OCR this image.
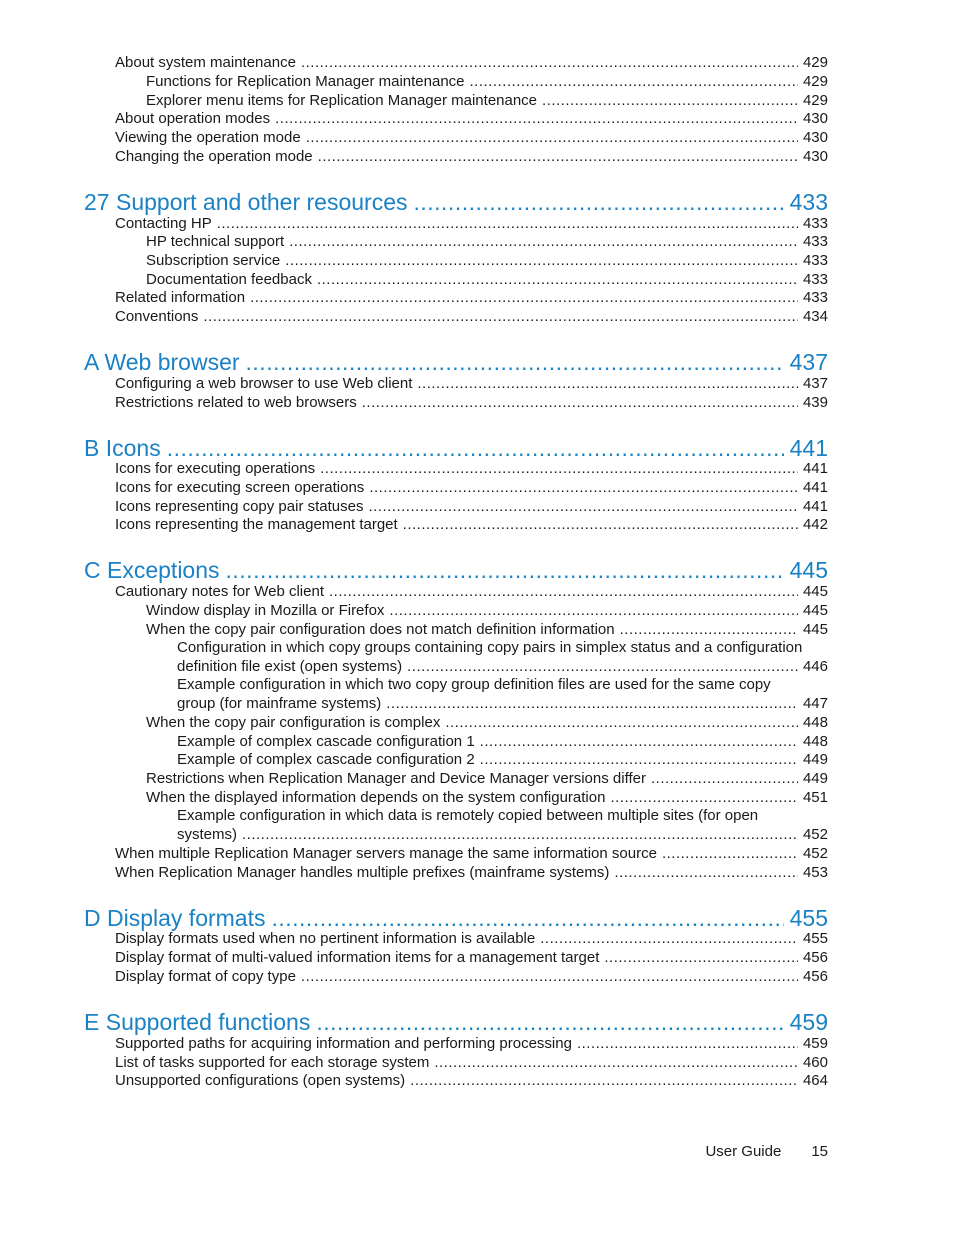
About system maintenance .....	429
Functions for Replication Manager maintenance .....	429
Explorer menu items for Replication Manager maintenance .....	429
About operation modes .....	430
Viewing the operation mode .....	430
Changing the operation mode .....	430
27 Support and other resources .....	433
Contacting HP .....	433
HP technical support .....	433
Subscription service .....	433
Documentation feedback .....	433
Related information .....	433
Conventions .....	434
A Web browser .....	437
Configuring a web browser to use Web client .....	437
Restrictions related to web browsers .....	439
B Icons .....	441
Icons for executing operations .....	441
Icons for executing screen operations .....	441
Icons representing copy pair statuses .....	441
Icons representing the management target .....	442
C Exceptions .....	445
Cautionary notes for Web client .....	445
Window display in Mozilla or Firefox .....	445
When the copy pair configuration does not match definition information .....	445
Configuration in which copy groups containing copy pairs in simplex status and a configuration
definition file exist (open systems) .....	446
Example configuration in which two copy group definition files are used for the same copy
group (for mainframe systems) .....	447
When the copy pair configuration is complex .....	448
Example of complex cascade configuration 1 .....	448
Example of complex cascade configuration 2 .....	449
Restrictions when Replication Manager and Device Manager versions differ .....	449
When the displayed information depends on the system configuration .....	451
Example configuration in which data is remotely copied between multiple sites (for open
systems) .....	452
When multiple Replication Manager servers manage the same information source .....	452
When Replication Manager handles multiple prefixes (mainframe systems) .....	453
D Display formats .....	455
Display formats used when no pertinent information is available .....	455
Display format of multi-valued information items for a management target .....	456
Display format of copy type .....	456
E Supported functions .....	459
Supported paths for acquiring information and performing processing .....	459
List of tasks supported for each storage system .....	460
Unsupported configurations (open systems) .....	464
User Guide 15
